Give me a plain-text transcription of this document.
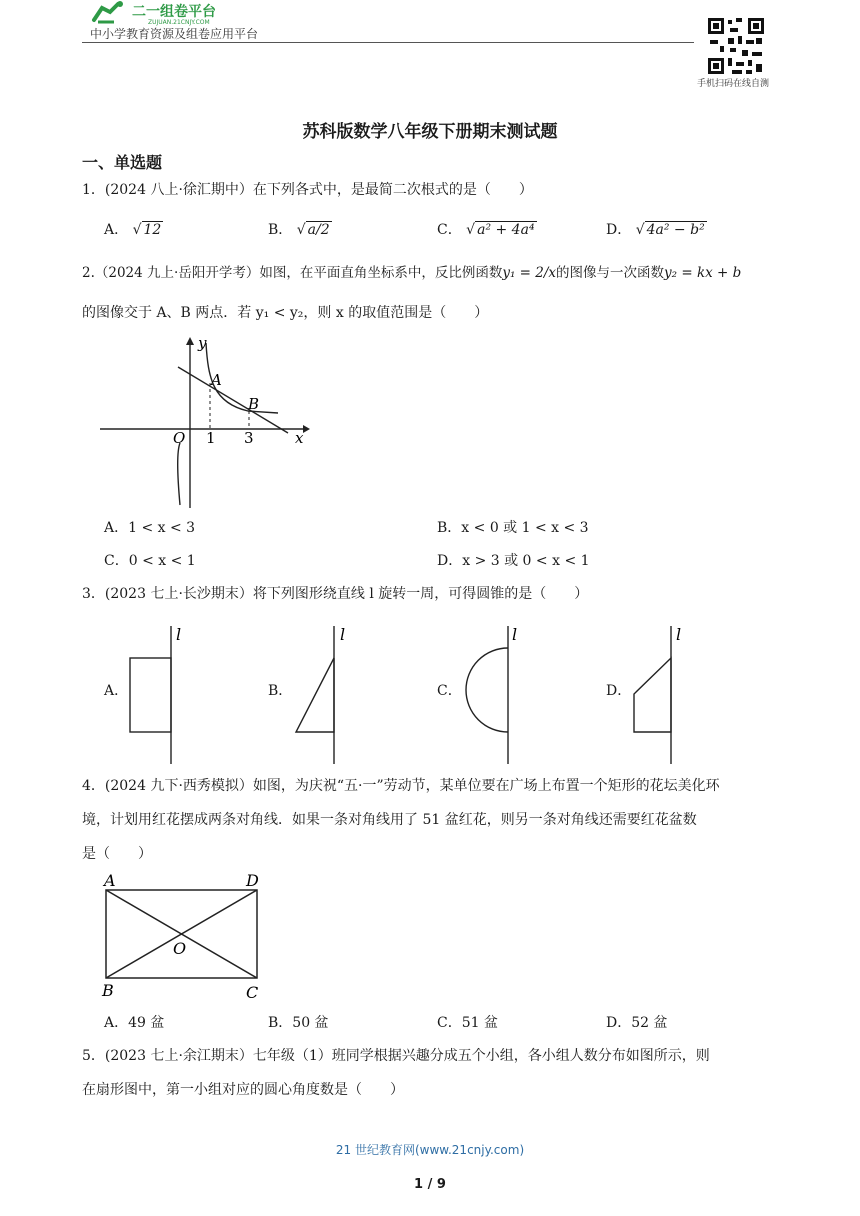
二一组卷平台
ZUJUAN.21CNJY.COM
中小学教育资源及组卷应用平台
手机扫码在线自测
苏科版数学八年级下册期末测试题
一、单选题
1．(2024 八上·徐汇期中）在下列各式中，是最简二次根式的是（　　）
A． √ 12	B． √ a/2	C． √ a² + 4a⁴	D． √ 4a² − b²
2.（2024 九上·岳阳开学考）如图，在平面直角坐标系中，反比例函数y₁ = 2/x的图像与一次函数y₂ = kx + b
的图像交于 A、B 两点．若 y₁ < y₂，则 x 的取值范围是（　　）
y
x
O
A
B
1 3
A．1 < x < 3	B．x < 0 或 1 < x < 3
C．0 < x < 1	D．x > 3 或 0 < x < 1
3．(2023 七上·长沙期末）将下列图形绕直线 l 旋转一周，可得圆锥的是（　　）
A．
l
B．
l
C．
l
D．
l
4．(2024 九下·西秀模拟）如图，为庆祝“五·一”劳动节，某单位要在广场上布置一个矩形的花坛美化环
境，计划用红花摆成两条对角线．如果一条对角线用了 51 盆红花，则另一条对角线还需要红花盆数
是（　　）
A	D
O
B	C
A．49 盆	B．50 盆	C．51 盆	D．52 盆
5．(2023 七上·余江期末）七年级（1）班同学根据兴趣分成五个小组，各小组人数分布如图所示，则
在扇形图中，第一小组对应的圆心角度数是（　　）
21 世纪教育网(www.21cnjy.com)
1 / 9
